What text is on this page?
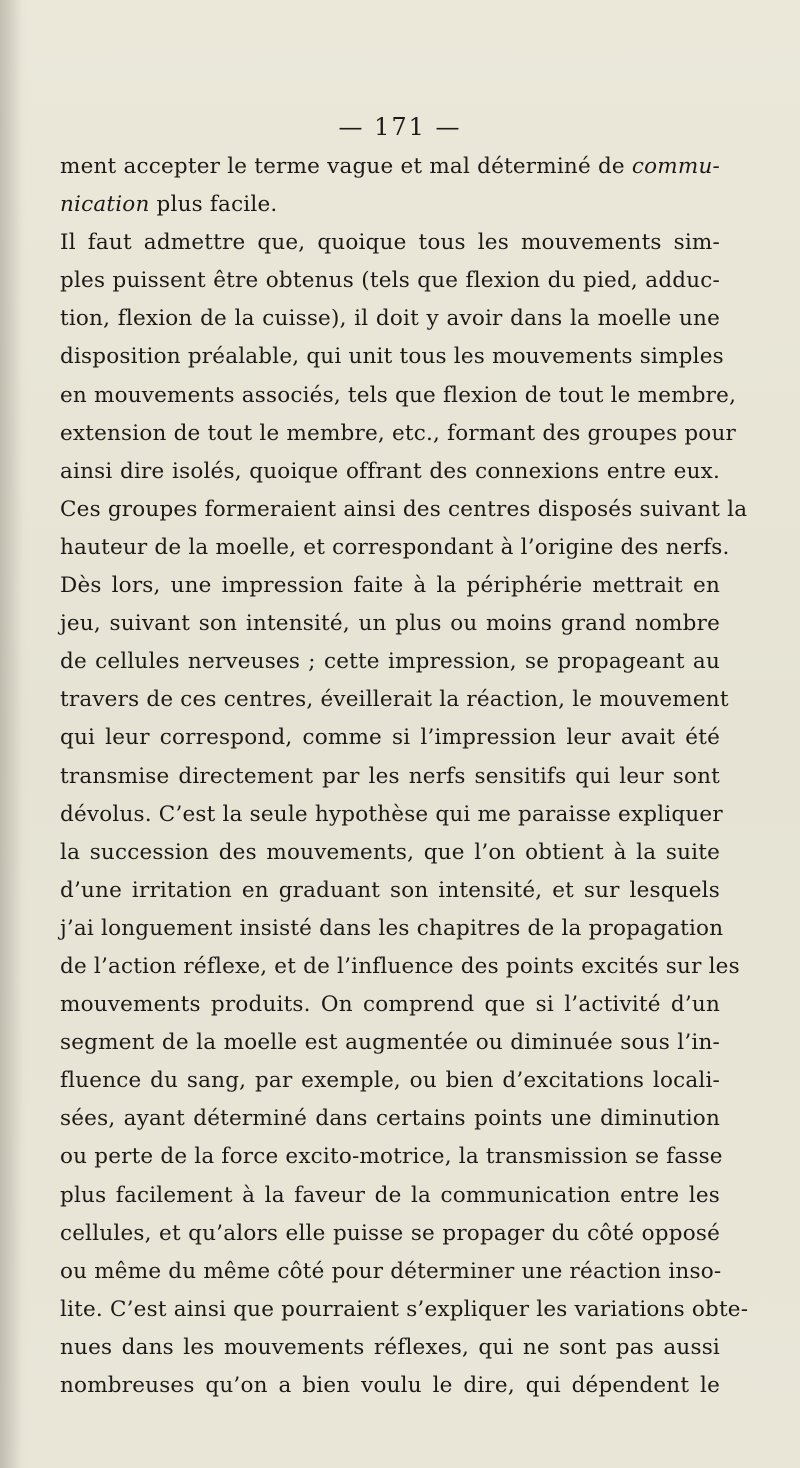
— 171 —
ment accepter le terme vague et mal déterminé de commu-
nication plus facile.
Il faut admettre que, quoique tous les mouvements sim-
ples puissent être obtenus (tels que flexion du pied, adduc-
tion, flexion de la cuisse), il doit y avoir dans la moelle une
disposition préalable, qui unit tous les mouvements simples
en mouvements associés, tels que flexion de tout le membre,
extension de tout le membre, etc., formant des groupes pour
ainsi dire isolés, quoique offrant des connexions entre eux.
Ces groupes formeraient ainsi des centres disposés suivant la
hauteur de la moelle, et correspondant à l’origine des nerfs.
Dès lors, une impression faite à la périphérie mettrait en
jeu, suivant son intensité, un plus ou moins grand nombre
de cellules nerveuses ; cette impression, se propageant au
travers de ces centres, éveillerait la réaction, le mouvement
qui leur correspond, comme si l’impression leur avait été
transmise directement par les nerfs sensitifs qui leur sont
dévolus. C’est la seule hypothèse qui me paraisse expliquer
la succession des mouvements, que l’on obtient à la suite
d’une irritation en graduant son intensité, et sur lesquels
j’ai longuement insisté dans les chapitres de la propagation
de l’action réflexe, et de l’influence des points excités sur les
mouvements produits. On comprend que si l’activité d’un
segment de la moelle est augmentée ou diminuée sous l’in-
fluence du sang, par exemple, ou bien d’excitations locali-
sées, ayant déterminé dans certains points une diminution
ou perte de la force excito-motrice, la transmission se fasse
plus facilement à la faveur de la communication entre les
cellules, et qu’alors elle puisse se propager du côté opposé
ou même du même côté pour déterminer une réaction inso-
lite. C’est ainsi que pourraient s’expliquer les variations obte-
nues dans les mouvements réflexes, qui ne sont pas aussi
nombreuses qu’on a bien voulu le dire, qui dépendent le
